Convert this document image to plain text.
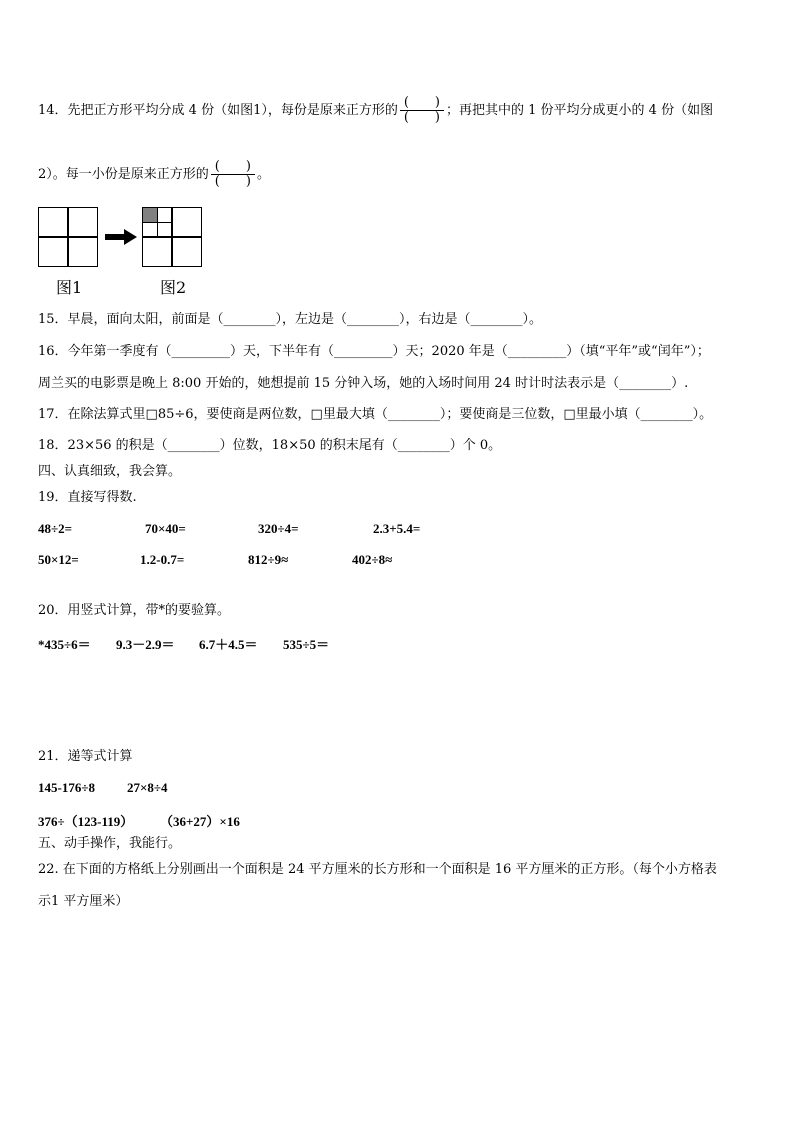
14．先把正方形平均分成 4 份（如图1），每份是原来正方形的 $\frac{( )}{( )}$ ；再把其中的 1 份平均分成更小的 4 份（如图
2）。每一小份是原来正方形的 $\frac{( )}{( )}$ 。
图1	图2
15．早晨，面向太阳，前面是（________），左边是（________），右边是（________）。
16．今年第一季度有（_________）天，下半年有（_________）天；2020 年是（_________）（填“平年”或“闰年”）；
周兰买的电影票是晚上 8:00 开始的，她想提前 15 分钟入场，她的入场时间用 24 时计时法表示是（________）.
17．在除法算式里□85÷6，要使商是两位数，□里最大填（________）；要使商是三位数，□里最小填（________）。
18．23×56 的积是（________）位数，18×50 的积末尾有（________）个 0。
四、认真细致，我会算。
19．直接写得数.
48÷2=	70×40=	320÷4=	2.3+5.4=
50×12=	1.2-0.7=	812÷9≈	402÷8≈
20．用竖式计算，带*的要验算。
*435÷6＝ 9.3－2.9＝ 6.7＋4.5＝ 535÷5＝
21．递等式计算
145-176÷8 27×8÷4
376÷（123-119） （36+27）×16
五、动手操作，我能行。
22. 在下面的方格纸上分别画出一个面积是 24 平方厘米的长方形和一个面积是 16 平方厘米的正方形。（每个小方格表
示1 平方厘米）
